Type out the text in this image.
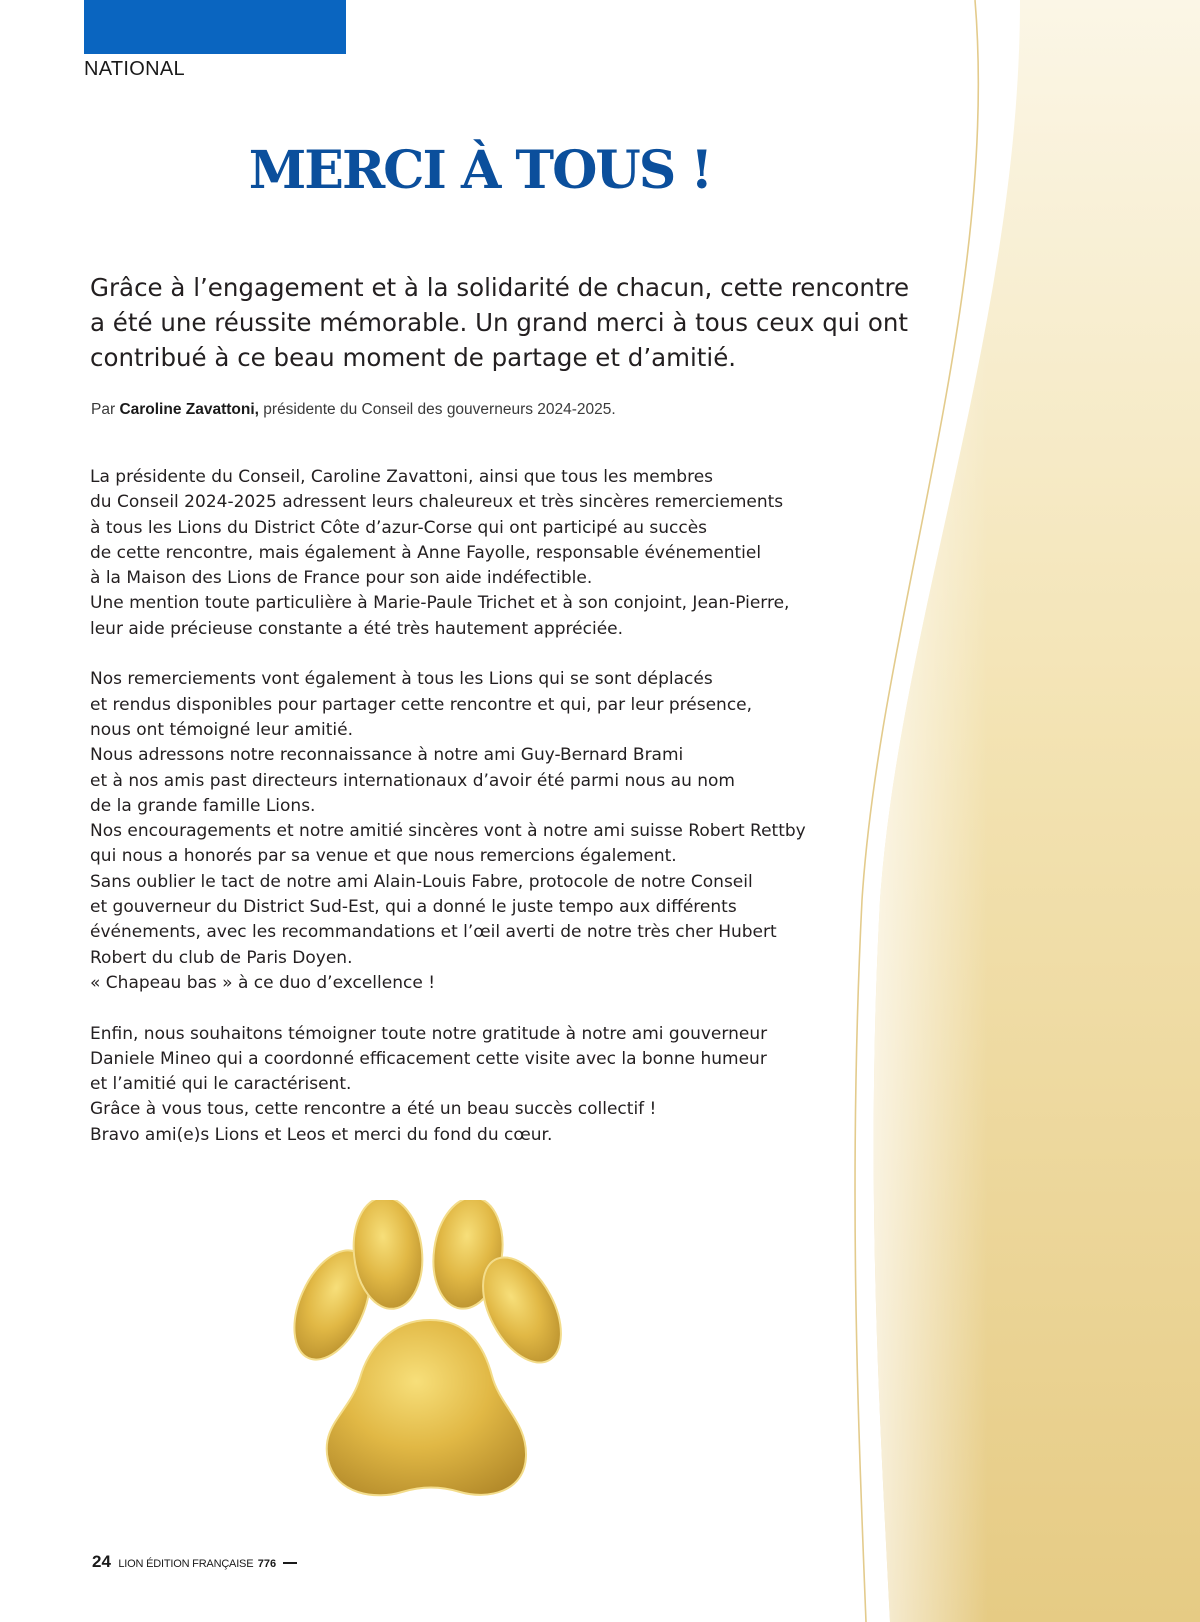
NATIONAL
MERCI À TOUS !

Grâce à l’engagement et à la solidarité de chacun, cette rencontre a été une réussite mémorable. Un grand merci à tous ceux qui ont contribué à ce beau moment de partage et d’amitié.

Par Caroline Zavattoni, présidente du Conseil des gouverneurs 2024-2025.

La présidente du Conseil, Caroline Zavattoni, ainsi que tous les membres
du Conseil 2024-2025 adressent leurs chaleureux et très sincères remerciements
à tous les Lions du District Côte d’azur-Corse qui ont participé au succès
de cette rencontre, mais également à Anne Fayolle, responsable événementiel
à la Maison des Lions de France pour son aide indéfectible.
Une mention toute particulière à Marie-Paule Trichet et à son conjoint, Jean-Pierre,
leur aide précieuse constante a été très hautement appréciée.

Nos remerciements vont également à tous les Lions qui se sont déplacés
et rendus disponibles pour partager cette rencontre et qui, par leur présence,
nous ont témoigné leur amitié.
Nous adressons notre reconnaissance à notre ami Guy-Bernard Brami
et à nos amis past directeurs internationaux d’avoir été parmi nous au nom
de la grande famille Lions.
Nos encouragements et notre amitié sincères vont à notre ami suisse Robert Rettby
qui nous a honorés par sa venue et que nous remercions également.
Sans oublier le tact de notre ami Alain-Louis Fabre, protocole de notre Conseil
et gouverneur du District Sud-Est, qui a donné le juste tempo aux différents
événements, avec les recommandations et l’œil averti de notre très cher Hubert
Robert du club de Paris Doyen.
« Chapeau bas » à ce duo d’excellence !

Enfin, nous souhaitons témoigner toute notre gratitude à notre ami gouverneur
Daniele Mineo qui a coordonné efficacement cette visite avec la bonne humeur
et l’amitié qui le caractérisent.
Grâce à vous tous, cette rencontre a été un beau succès collectif !
Bravo ami(e)s Lions et Leos et merci du fond du cœur.

24 LION ÉDITION FRANÇAISE 776
